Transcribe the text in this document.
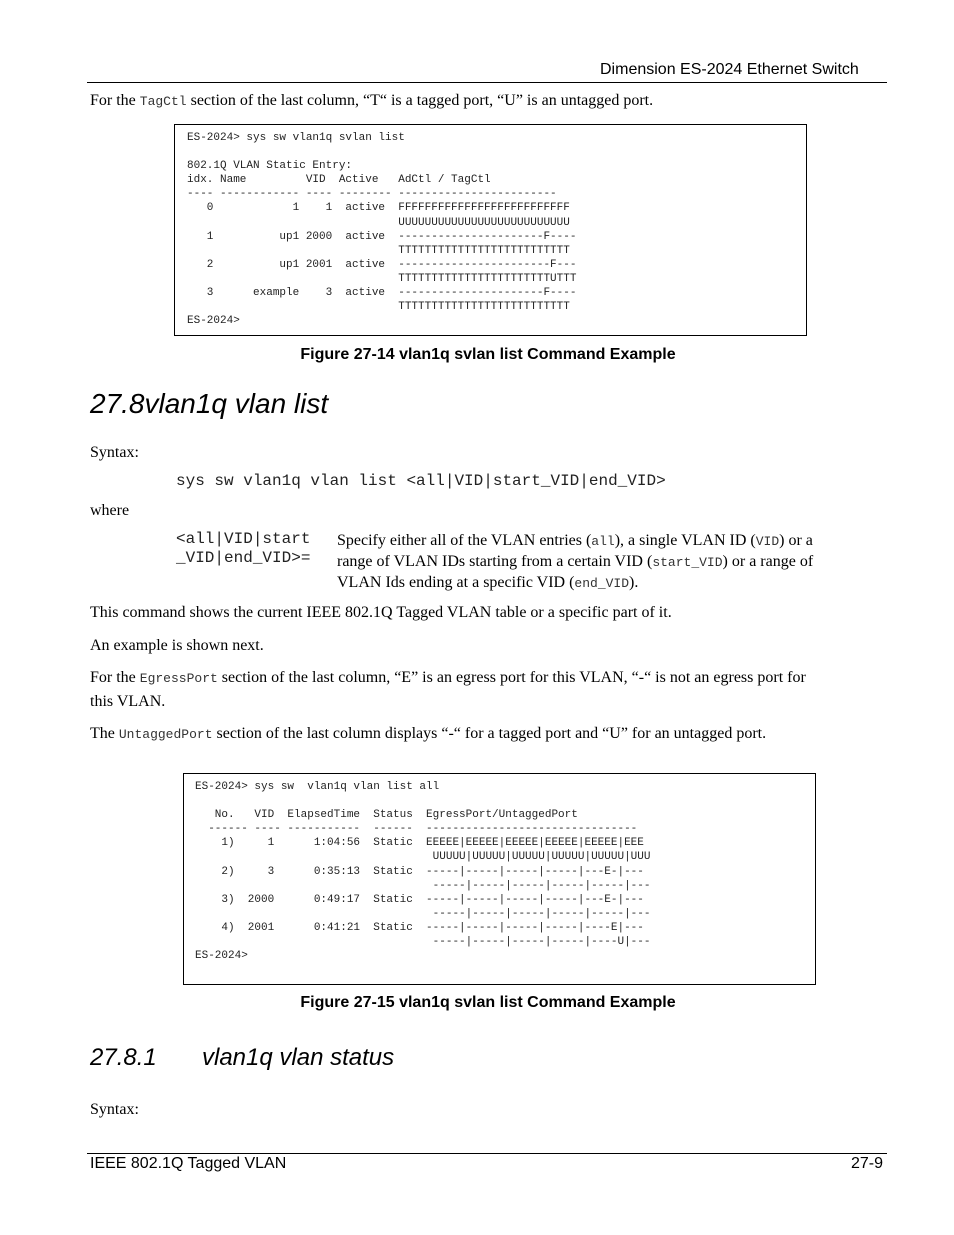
Dimension ES-2024 Ethernet Switch
For the TagCtl section of the last column, “T“ is a tagged port, “U” is an untagged port.
ES-2024> sys sw vlan1q svlan list

802.1Q VLAN Static Entry:
idx. Name         VID  Active   AdCtl / TagCtl
---- ------------ ---- -------- ------------------------
0            1    1  active  FFFFFFFFFFFFFFFFFFFFFFFFFF
UUUUUUUUUUUUUUUUUUUUUUUUUU
1          up1 2000  active  ----------------------F----
TTTTTTTTTTTTTTTTTTTTTTTTTT
2          up1 2001  active  -----------------------F---
TTTTTTTTTTTTTTTTTTTTTTTUTTT
3      example    3  active  ----------------------F----
TTTTTTTTTTTTTTTTTTTTTTTTTT
ES-2024>
Figure 27-14 vlan1q svlan list Command Example
27.8vlan1q vlan list
Syntax:
sys sw vlan1q vlan list <all|VID|start_VID|end_VID>
where
<all|VID|start
_VID|end_VID>=
Specify either all of the VLAN entries (all), a single VLAN ID (VID) or a
range of VLAN IDs starting from a certain VID (start_VID) or a range of
VLAN Ids ending at a specific VID (end_VID).
This command shows the current IEEE 802.1Q Tagged VLAN table or a specific part of it.
An example is shown next.
For the EgressPort section of the last column, “E” is an egress port for this VLAN, “-“ is not an egress port for
this VLAN.
The UntaggedPort section of the last column displays “-“ for a tagged port and “U” for an untagged port.
ES-2024> sys sw  vlan1q vlan list all

No.   VID  ElapsedTime  Status  EgressPort/UntaggedPort
------ ---- -----------  ------  --------------------------------
1)     1      1:04:56  Static  EEEEE|EEEEE|EEEEE|EEEEE|EEEEE|EEE
UUUUU|UUUUU|UUUUU|UUUUU|UUUUU|UUU
2)     3      0:35:13  Static  -----|-----|-----|-----|---E-|---
-----|-----|-----|-----|-----|---
3)  2000      0:49:17  Static  -----|-----|-----|-----|---E-|---
-----|-----|-----|-----|-----|---
4)  2001      0:41:21  Static  -----|-----|-----|-----|----E|---
-----|-----|-----|-----|----U|---
ES-2024>
Figure 27-15 vlan1q svlan list Command Example
27.8.1 vlan1q vlan status
Syntax:
IEEE 802.1Q Tagged VLAN	27-9
